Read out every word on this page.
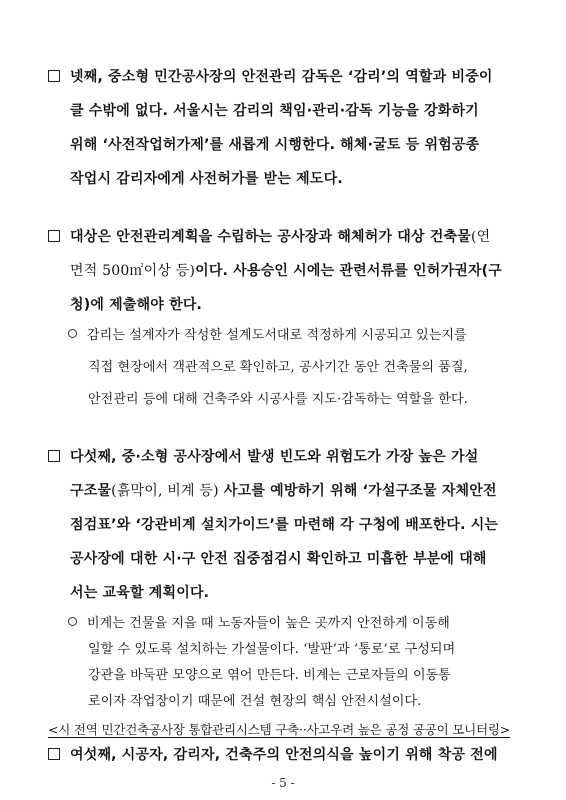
넷째, 중소형 민간공사장의 안전관리 감독은 ‘감리’의 역할과 비중이
클 수밖에 없다. 서울시는 감리의 책임·관리·감독 기능을 강화하기
위해 ‘사전작업허가제’를 새롭게 시행한다. 해체·굴토 등 위험공종
작업시 감리자에게 사전허가를 받는 제도다.
대상은 안전관리계획을 수립하는 공사장과 해체허가 대상 건축물(연
면적 500㎡이상 등)이다. 사용승인 시에는 관련서류를 인허가권자(구
청)에 제출해야 한다.
감리는 설계자가 작성한 설계도서대로 적정하게 시공되고 있는지를
직접 현장에서 객관적으로 확인하고, 공사기간 동안 건축물의 품질,
안전관리 등에 대해 건축주와 시공사를 지도·감독하는 역할을 한다.
다섯째, 중·소형 공사장에서 발생 빈도와 위험도가 가장 높은 가설
구조물(흙막이, 비계 등) 사고를 예방하기 위해 ‘가설구조물 자체안전
점검표’와 ‘강관비계 설치가이드’를 마련해 각 구청에 배포한다. 시는
공사장에 대한 시·구 안전 집중점검시 확인하고 미흡한 부분에 대해
서는 교육할 계획이다.
비계는 건물을 지을 때 노동자들이 높은 곳까지 안전하게 이동해
일할 수 있도록 설치하는 가설물이다. ‘발판’과 ‘통로’로 구성되며
강관을 바둑판 모양으로 엮어 만든다. 비계는 근로자들의 이동통
로이자 작업장이기 때문에 건설 현장의 핵심 안전시설이다.
<시 전역 민간건축공사장 통합관리시스템 구축··사고우려 높은 공정 공공이 모니터링>
여섯째, 시공자, 감리자, 건축주의 안전의식을 높이기 위해 착공 전에
- 5 -
